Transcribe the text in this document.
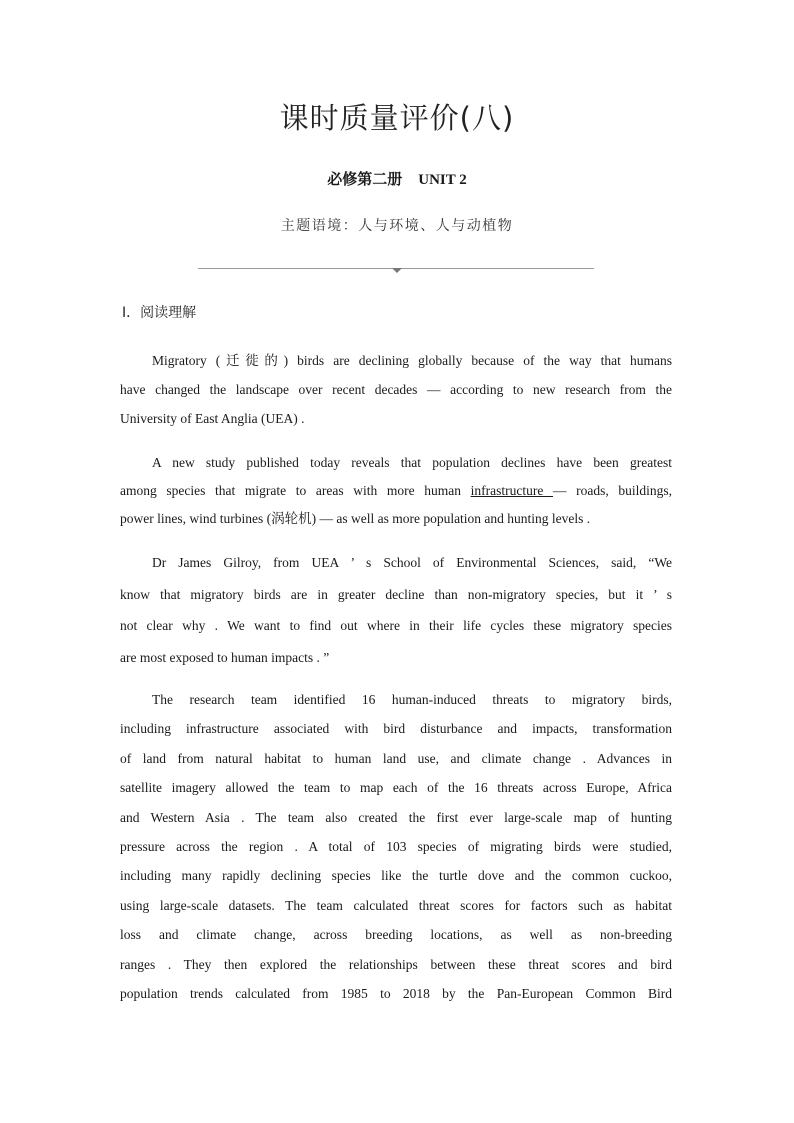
课时质量评价(八)
必修第二册 UNIT 2
主题语境：人与环境、人与动植物
Ⅰ．阅读理解
Migratory (迁徙的) birds are declining globally because of the way that humans
have changed the landscape over recent decades — according to new research from the
University of East Anglia (UEA) .
A new study published today reveals that population declines have been greatest
among species that migrate to areas with more human infrastructure — roads, buildings,
power lines, wind turbines (涡轮机) — as well as more population and hunting levels .
Dr James Gilroy, from UEA ’ s School of Environmental Sciences, said, “We
know that migratory birds are in greater decline than non-migratory species, but it ’ s
not clear why . We want to find out where in their life cycles these migratory species
are most exposed to human impacts . ”
The research team identified 16 human-induced threats to migratory birds,
including infrastructure associated with bird disturbance and impacts, transformation
of land from natural habitat to human land use, and climate change . Advances in
satellite imagery allowed the team to map each of the 16 threats across Europe, Africa
and Western Asia . The team also created the first ever large-scale map of hunting
pressure across the region . A total of 103 species of migrating birds were studied,
including many rapidly declining species like the turtle dove and the common cuckoo,
using large-scale datasets. The team calculated threat scores for factors such as habitat
loss and climate change, across breeding locations, as well as non-breeding
ranges . They then explored the relationships between these threat scores and bird
population trends calculated from 1985 to 2018 by the Pan-European Common Bird
